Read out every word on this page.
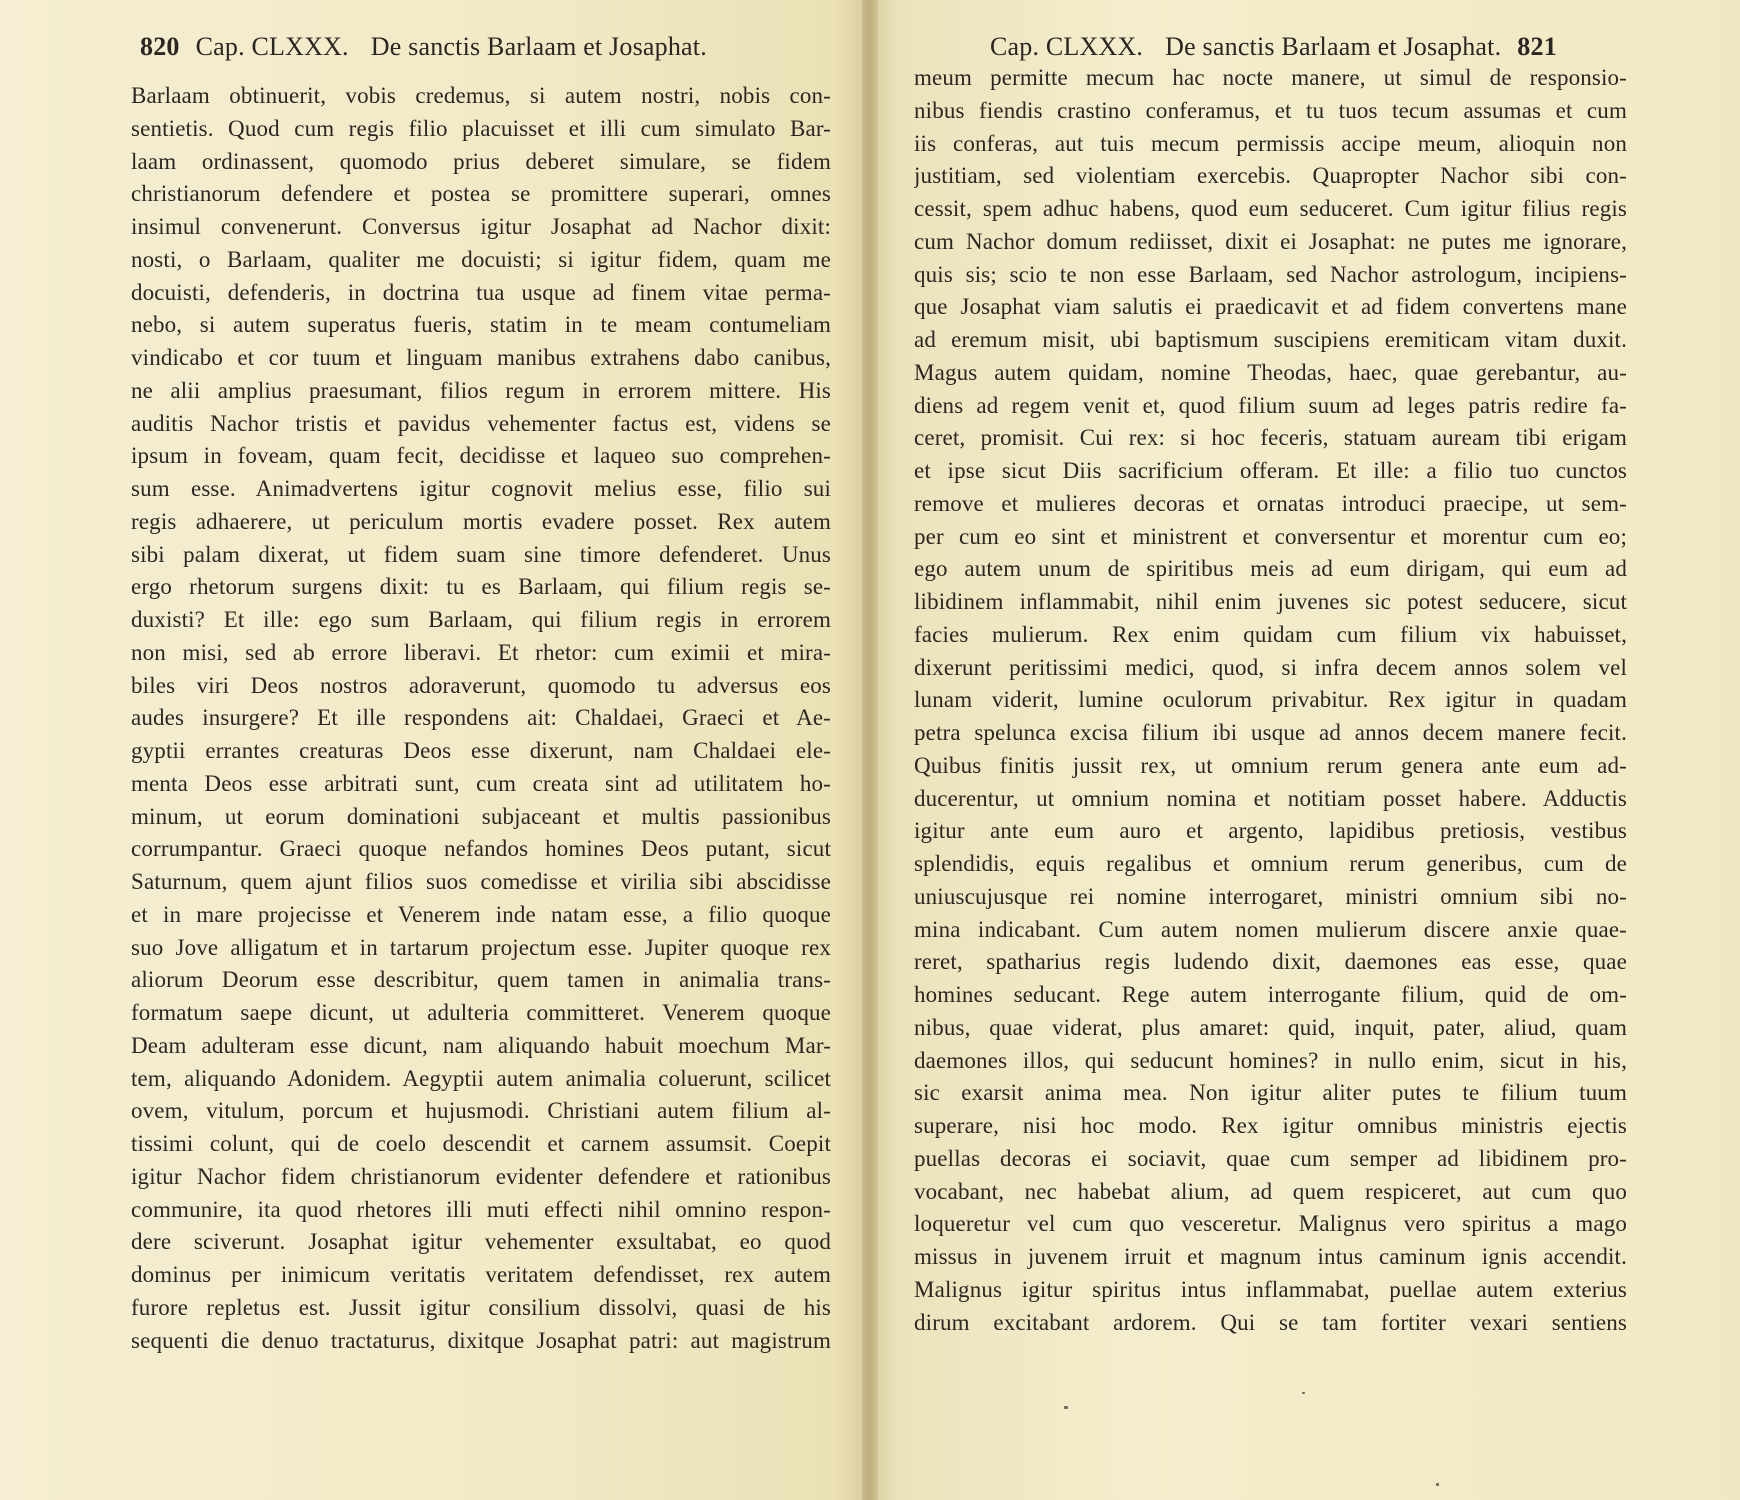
820 Cap. CLXXX. De sanctis Barlaam et Josaphat.
Barlaam obtinuerit, vobis credemus, si autem nostri, nobis con-
sentietis. Quod cum regis filio placuisset et illi cum simulato Bar-
laam ordinassent, quomodo prius deberet simulare, se fidem
christianorum defendere et postea se promittere superari, omnes
insimul convenerunt. Conversus igitur Josaphat ad Nachor dixit:
nosti, o Barlaam, qualiter me docuisti; si igitur fidem, quam me
docuisti, defenderis, in doctrina tua usque ad finem vitae perma-
nebo, si autem superatus fueris, statim in te meam contumeliam
vindicabo et cor tuum et linguam manibus extrahens dabo canibus,
ne alii amplius praesumant, filios regum in errorem mittere. His
auditis Nachor tristis et pavidus vehementer factus est, videns se
ipsum in foveam, quam fecit, decidisse et laqueo suo comprehen-
sum esse. Animadvertens igitur cognovit melius esse, filio sui
regis adhaerere, ut periculum mortis evadere posset. Rex autem
sibi palam dixerat, ut fidem suam sine timore defenderet. Unus
ergo rhetorum surgens dixit: tu es Barlaam, qui filium regis se-
duxisti? Et ille: ego sum Barlaam, qui filium regis in errorem
non misi, sed ab errore liberavi. Et rhetor: cum eximii et mira-
biles viri Deos nostros adoraverunt, quomodo tu adversus eos
audes insurgere? Et ille respondens ait: Chaldaei, Graeci et Ae-
gyptii errantes creaturas Deos esse dixerunt, nam Chaldaei ele-
menta Deos esse arbitrati sunt, cum creata sint ad utilitatem ho-
minum, ut eorum dominationi subjaceant et multis passionibus
corrumpantur. Graeci quoque nefandos homines Deos putant, sicut
Saturnum, quem ajunt filios suos comedisse et virilia sibi abscidisse
et in mare projecisse et Venerem inde natam esse, a filio quoque
suo Jove alligatum et in tartarum projectum esse. Jupiter quoque rex
aliorum Deorum esse describitur, quem tamen in animalia trans-
formatum saepe dicunt, ut adulteria committeret. Venerem quoque
Deam adulteram esse dicunt, nam aliquando habuit moechum Mar-
tem, aliquando Adonidem. Aegyptii autem animalia coluerunt, scilicet
ovem, vitulum, porcum et hujusmodi. Christiani autem filium al-
tissimi colunt, qui de coelo descendit et carnem assumsit. Coepit
igitur Nachor fidem christianorum evidenter defendere et rationibus
communire, ita quod rhetores illi muti effecti nihil omnino respon-
dere sciverunt. Josaphat igitur vehementer exsultabat, eo quod
dominus per inimicum veritatis veritatem defendisset, rex autem
furore repletus est. Jussit igitur consilium dissolvi, quasi de his
sequenti die denuo tractaturus, dixitque Josaphat patri: aut magistrum
Cap. CLXXX. De sanctis Barlaam et Josaphat. 821
meum permitte mecum hac nocte manere, ut simul de responsio-
nibus fiendis crastino conferamus, et tu tuos tecum assumas et cum
iis conferas, aut tuis mecum permissis accipe meum, alioquin non
justitiam, sed violentiam exercebis. Quapropter Nachor sibi con-
cessit, spem adhuc habens, quod eum seduceret. Cum igitur filius regis
cum Nachor domum rediisset, dixit ei Josaphat: ne putes me ignorare,
quis sis; scio te non esse Barlaam, sed Nachor astrologum, incipiens-
que Josaphat viam salutis ei praedicavit et ad fidem convertens mane
ad eremum misit, ubi baptismum suscipiens eremiticam vitam duxit.
Magus autem quidam, nomine Theodas, haec, quae gerebantur, au-
diens ad regem venit et, quod filium suum ad leges patris redire fa-
ceret, promisit. Cui rex: si hoc feceris, statuam auream tibi erigam
et ipse sicut Diis sacrificium offeram. Et ille: a filio tuo cunctos
remove et mulieres decoras et ornatas introduci praecipe, ut sem-
per cum eo sint et ministrent et conversentur et morentur cum eo;
ego autem unum de spiritibus meis ad eum dirigam, qui eum ad
libidinem inflammabit, nihil enim juvenes sic potest seducere, sicut
facies mulierum. Rex enim quidam cum filium vix habuisset,
dixerunt peritissimi medici, quod, si infra decem annos solem vel
lunam viderit, lumine oculorum privabitur. Rex igitur in quadam
petra spelunca excisa filium ibi usque ad annos decem manere fecit.
Quibus finitis jussit rex, ut omnium rerum genera ante eum ad-
ducerentur, ut omnium nomina et notitiam posset habere. Adductis
igitur ante eum auro et argento, lapidibus pretiosis, vestibus
splendidis, equis regalibus et omnium rerum generibus, cum de
uniuscujusque rei nomine interrogaret, ministri omnium sibi no-
mina indicabant. Cum autem nomen mulierum discere anxie quae-
reret, spatharius regis ludendo dixit, daemones eas esse, quae
homines seducant. Rege autem interrogante filium, quid de om-
nibus, quae viderat, plus amaret: quid, inquit, pater, aliud, quam
daemones illos, qui seducunt homines? in nullo enim, sicut in his,
sic exarsit anima mea. Non igitur aliter putes te filium tuum
superare, nisi hoc modo. Rex igitur omnibus ministris ejectis
puellas decoras ei sociavit, quae cum semper ad libidinem pro-
vocabant, nec habebat alium, ad quem respiceret, aut cum quo
loqueretur vel cum quo vesceretur. Malignus vero spiritus a mago
missus in juvenem irruit et magnum intus caminum ignis accendit.
Malignus igitur spiritus intus inflammabat, puellae autem exterius
dirum excitabant ardorem. Qui se tam fortiter vexari sentiens
